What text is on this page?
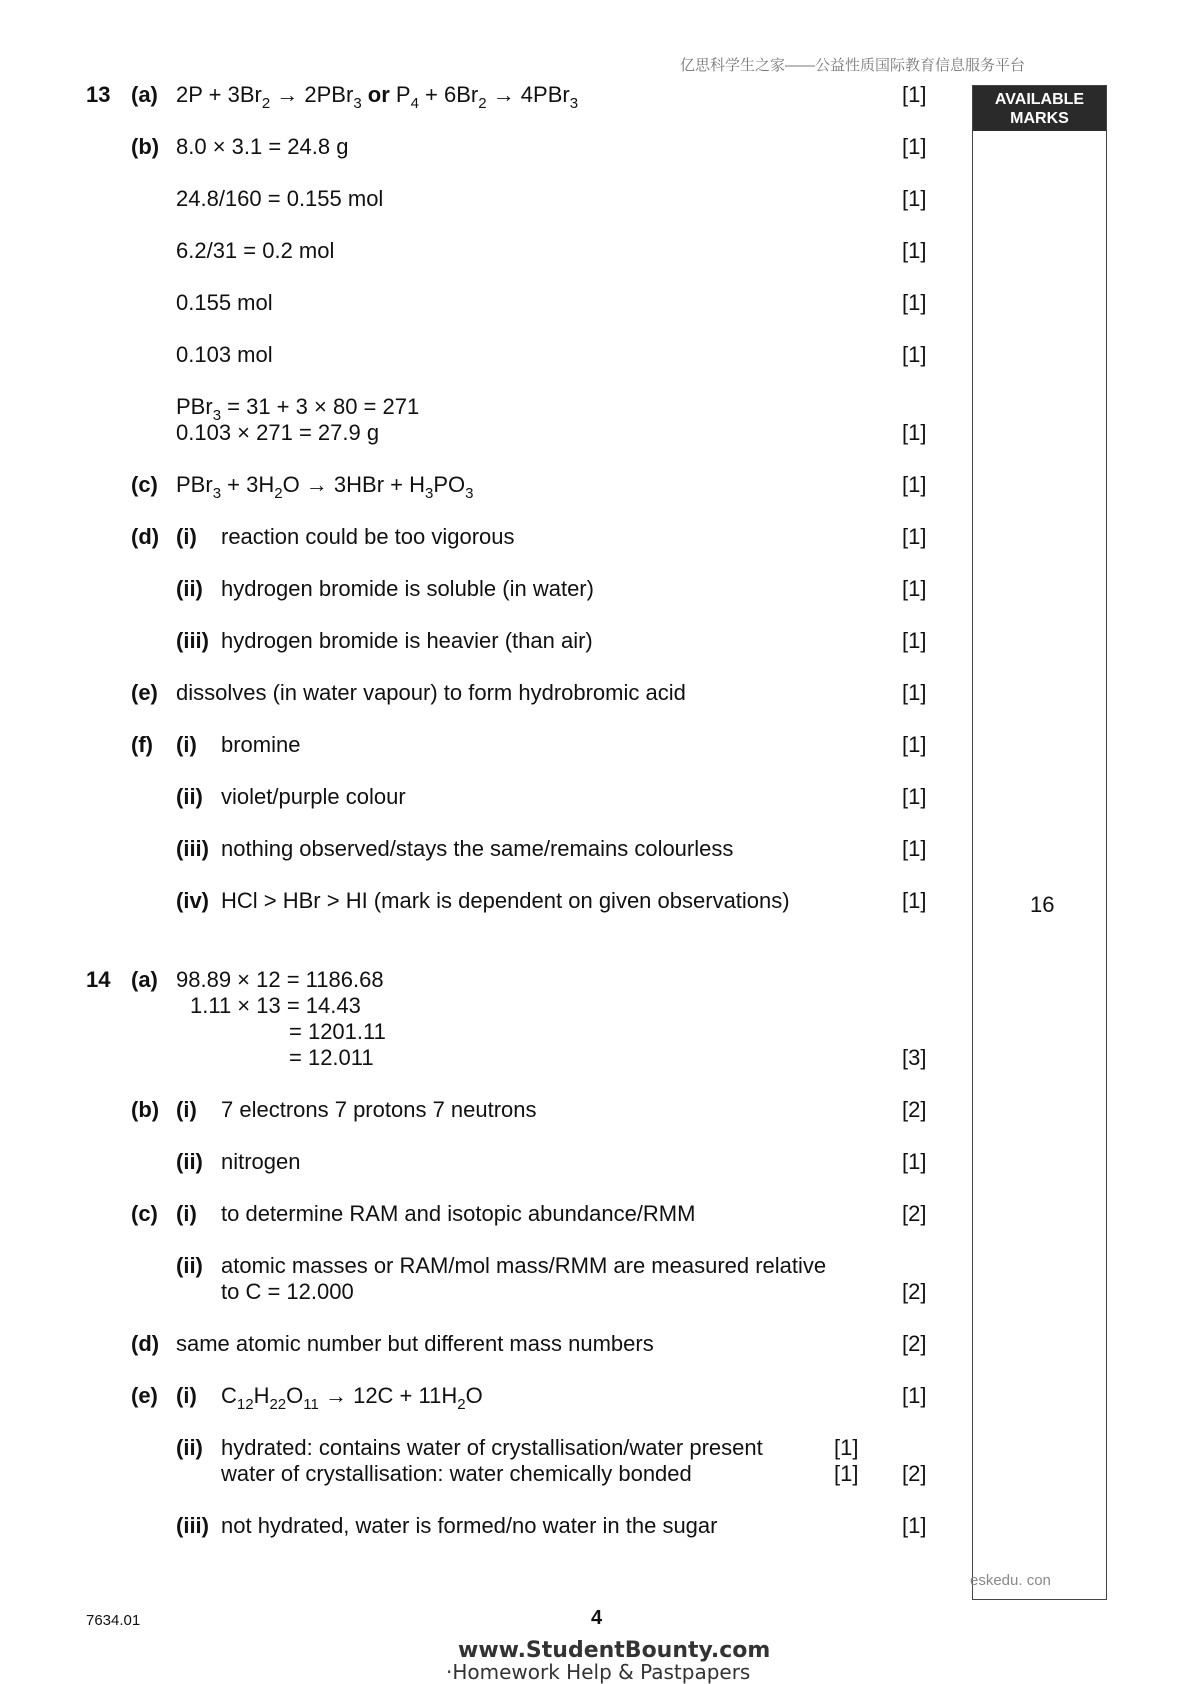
亿思科学生之家——公益性质国际教育信息服务平台
AVAILABLE
MARKS
16
13 (a) $2P + 3Br_2 \to 2PBr_3$ or $P_4 + 6Br_2 \to 4PBr_3$	[1]
(b) 8.0 × 3.1 = 24.8 g	[1]
24.8/160 = 0.155 mol	[1]
6.2/31 = 0.2 mol	[1]
0.155 mol	[1]
0.103 mol	[1]
PBr$_3$ = 31 + 3 × 80 = 271
0.103 × 271 = 27.9 g	[1]
(c) $PBr_3 + 3H_2O \to 3HBr + H_3PO_3$	[1]
(d) (i) reaction could be too vigorous	[1]
(ii) hydrogen bromide is soluble (in water)	[1]
(iii) hydrogen bromide is heavier (than air)	[1]
(e) dissolves (in water vapour) to form hydrobromic acid	[1]
(f) (i) bromine	[1]
(ii) violet/purple colour	[1]
(iii) nothing observed/stays the same/remains colourless	[1]
(iv) HCl > HBr > HI (mark is dependent on given observations)	[1]
14 (a) 98.89 × 12 = 1186.68
1.11 × 13 = 14.43
= 1201.11
= 12.011	[3]
(b) (i) 7 electrons 7 protons 7 neutrons	[2]
(ii) nitrogen	[1]
(c) (i) to determine RAM and isotopic abundance/RMM	[2]
(ii) atomic masses or RAM/mol mass/RMM are measured relative
to C = 12.000	[2]
(d) same atomic number but different mass numbers	[2]
(e) (i) $C_{12}H_{22}O_{11} \to 12C + 11H_2O$	[1]
(ii) hydrated: contains water of crystallisation/water present	[1]
water of crystallisation: water chemically bonded	[1] [2]
(iii) not hydrated, water is formed/no water in the sugar	[1]
eskedu. con
7634.01	4
www.StudentBounty.com
·Homework Help & Pastpapers
